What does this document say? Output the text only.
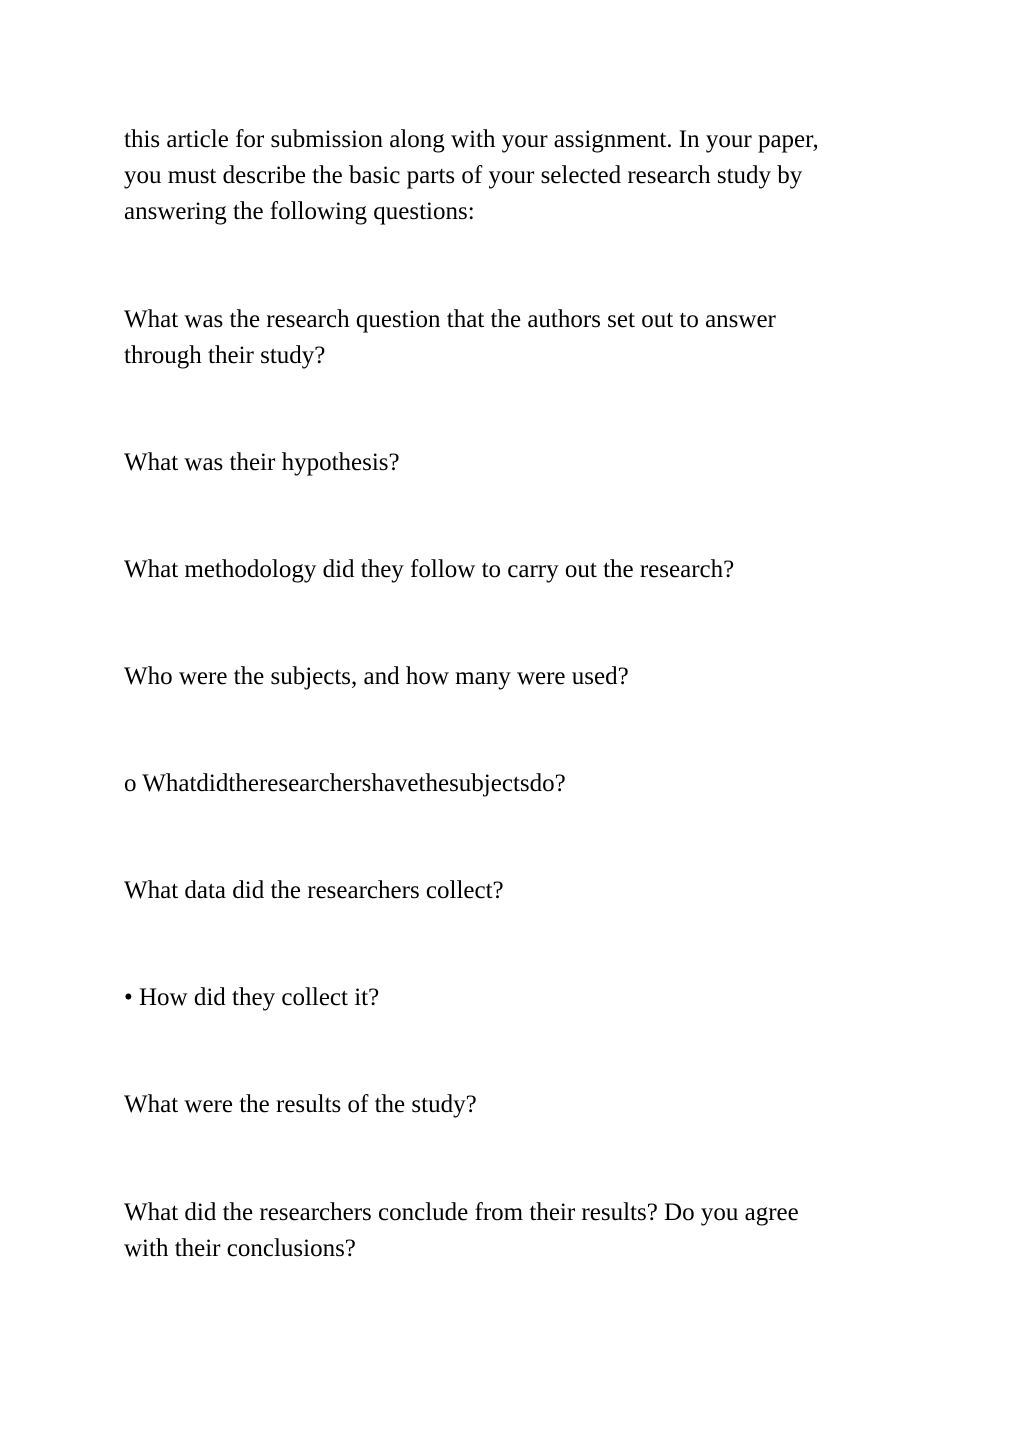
this article for submission along with your assignment. In your paper,
you must describe the basic parts of your selected research study by
answering the following questions:

What was the research question that the authors set out to answer
through their study?

What was their hypothesis?

What methodology did they follow to carry out the research?

Who were the subjects, and how many were used?

o Whatdidtheresearchershavethesubjectsdo?

What data did the researchers collect?

• How did they collect it?

What were the results of the study?

What did the researchers conclude from their results? Do you agree
with their conclusions?
